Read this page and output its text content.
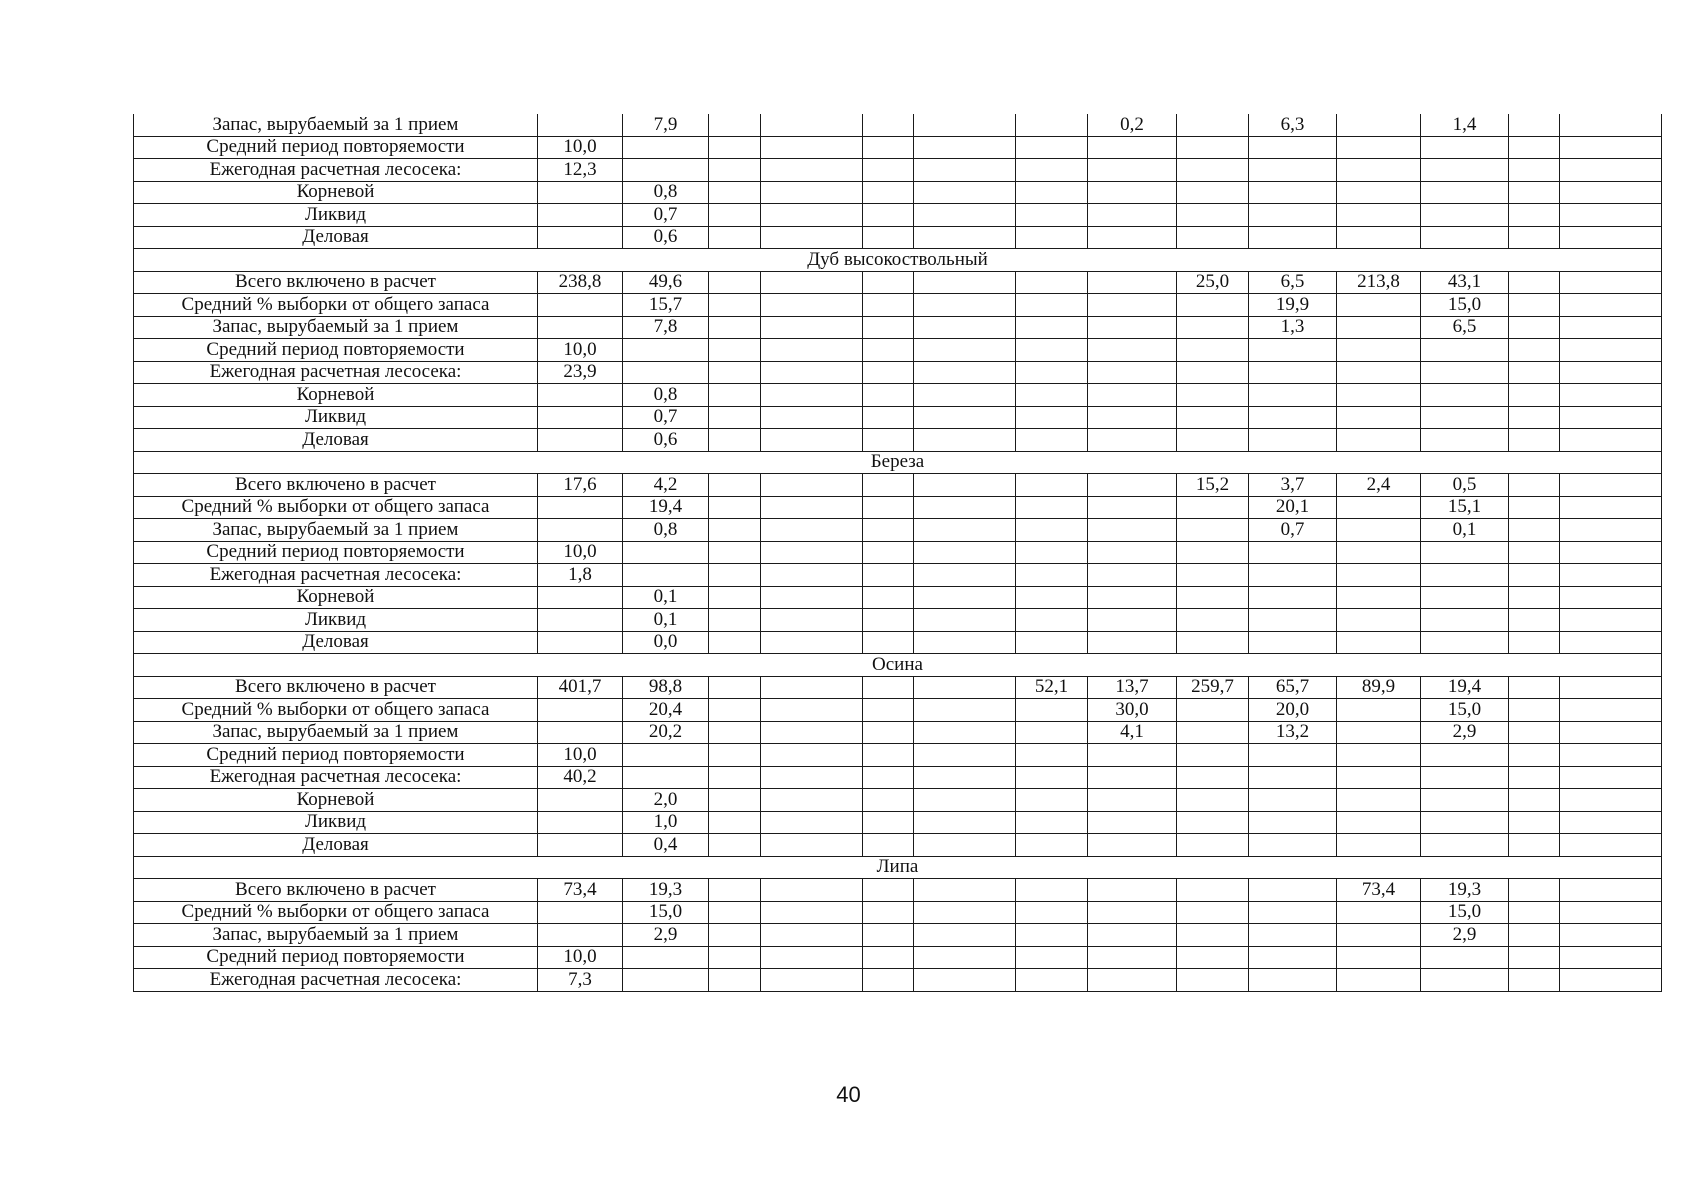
Запас, вырубаемый за 1 прием		7,9						0,2		6,3		1,4		
Средний период повторяемости	10,0													
Ежегодная расчетная лесосека:	12,3													
Корневой		0,8												
Ликвид		0,7												
Деловая		0,6												
Дуб высокоствольный														
Всего включено в расчет	238,8	49,6							25,0	6,5	213,8	43,1		
Средний % выборки от общего запаса		15,7								19,9		15,0		
Запас, вырубаемый за 1 прием		7,8								1,3		6,5		
Средний период повторяемости	10,0													
Ежегодная расчетная лесосека:	23,9													
Корневой		0,8												
Ликвид		0,7												
Деловая		0,6												
Береза														
Всего включено в расчет	17,6	4,2							15,2	3,7	2,4	0,5		
Средний % выборки от общего запаса		19,4								20,1		15,1		
Запас, вырубаемый за 1 прием		0,8								0,7		0,1		
Средний период повторяемости	10,0													
Ежегодная расчетная лесосека:	1,8													
Корневой		0,1												
Ликвид		0,1												
Деловая		0,0												
Осина														
Всего включено в расчет	401,7	98,8					52,1	13,7	259,7	65,7	89,9	19,4		
Средний % выборки от общего запаса		20,4						30,0		20,0		15,0		
Запас, вырубаемый за 1 прием		20,2						4,1		13,2		2,9		
Средний период повторяемости	10,0													
Ежегодная расчетная лесосека:	40,2													
Корневой		2,0												
Ликвид		1,0												
Деловая		0,4												
Липа														
Всего включено в расчет	73,4	19,3									73,4	19,3		
Средний % выборки от общего запаса		15,0										15,0		
Запас, вырубаемый за 1 прием		2,9										2,9		
Средний период повторяемости	10,0													
Ежегодная расчетная лесосека:	7,3													
40
